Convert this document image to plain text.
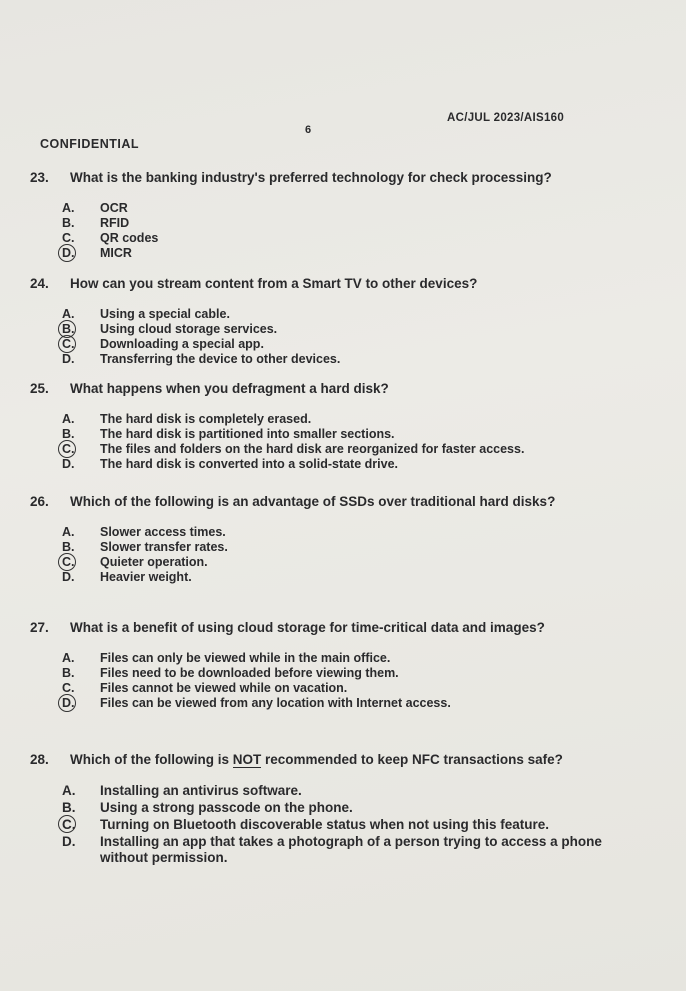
CONFIDENTIAL
6
AC/JUL 2023/AIS160
23. What is the banking industry's preferred technology for check processing?
A.	OCR
B.	RFID
C.	QR codes
D.	MICR
24. How can you stream content from a Smart TV to other devices?
A.	Using a special cable.
B.	Using cloud storage services.
C.	Downloading a special app.
D.	Transferring the device to other devices.
25. What happens when you defragment a hard disk?
A.	The hard disk is completely erased.
B.	The hard disk is partitioned into smaller sections.
C.	The files and folders on the hard disk are reorganized for faster access.
D.	The hard disk is converted into a solid-state drive.
26. Which of the following is an advantage of SSDs over traditional hard disks?
A.	Slower access times.
B.	Slower transfer rates.
C.	Quieter operation.
D.	Heavier weight.
27. What is a benefit of using cloud storage for time-critical data and images?
A.	Files can only be viewed while in the main office.
B.	Files need to be downloaded before viewing them.
C.	Files cannot be viewed while on vacation.
D.	Files can be viewed from any location with Internet access.
28. Which of the following is NOT recommended to keep NFC transactions safe?
A.	Installing an antivirus software.
B.	Using a strong passcode on the phone.
C.	Turning on Bluetooth discoverable status when not using this feature.
D.	Installing an app that takes a photograph of a person trying to access a phone without permission.
